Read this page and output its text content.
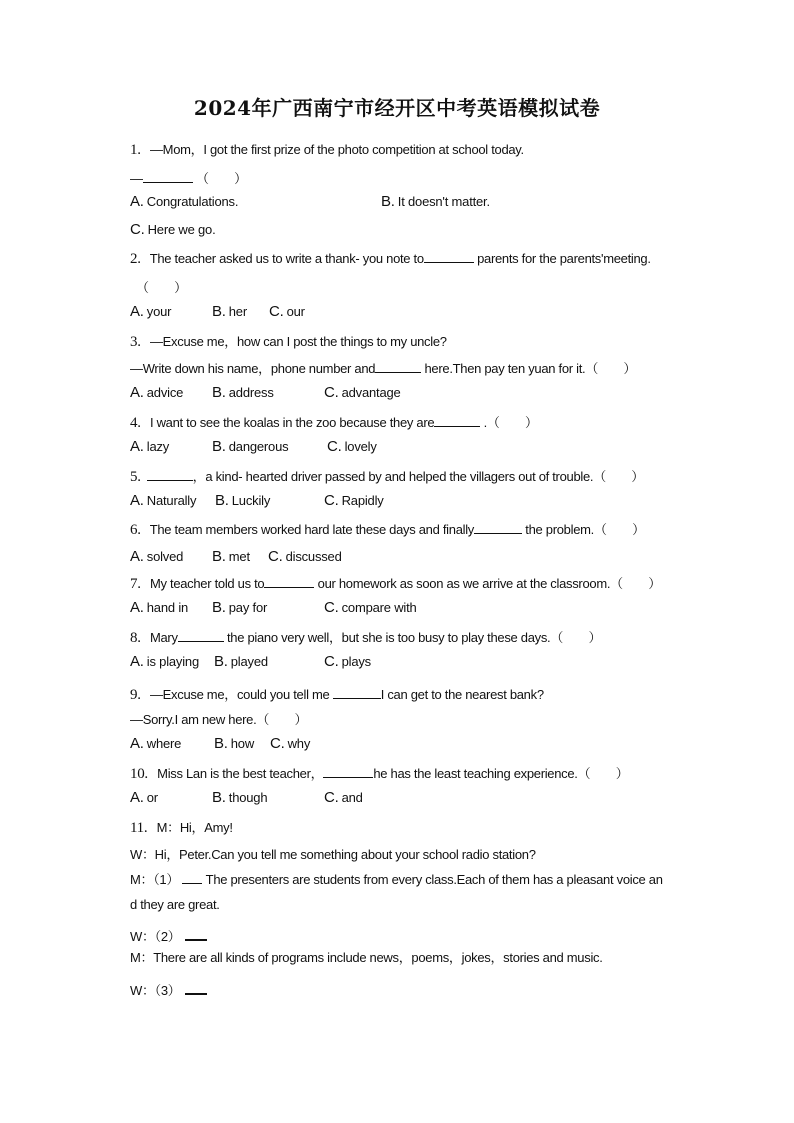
2024年广西南宁市经开区中考英语模拟试卷
1. —Mom，I got the first prize of the photo competition at school today.
—	（　　）
A. Congratulations.	B. It doesn't matter.
C. Here we go.
2. The teacher asked us to write a thank- you note to	parents for the parents'meeting.
（　　）
A. your	B. her C. our
3. —Excuse me，how can I post the things to my uncle?
—Write down his name，phone number and	here.Then pay ten yuan for it.（　　）
A. advice B. address	C. advantage
4. I want to see the koalas in the zoo because they are	.（　　）
A. lazy	B. dangerous	C. lovely
5.	，a kind- hearted driver passed by and helped the villagers out of trouble.（　　）
A. Naturally B. Luckily	C. Rapidly
6. The team members worked hard late these days and finally	the problem.（　　）
A. solved B. met C. discussed
7. My teacher told us to	our homework as soon as we arrive at the classroom.（　　）
A. hand in B. pay for	C. compare with
8. Mary	the piano very well，but she is too busy to play these days.（　　）
A. is playing B. played	C. plays
9. —Excuse me，could you tell me	I can get to the nearest bank?
—Sorry.I am new here.（　　）
A. where B. how C. why
10. Miss Lan is the best teacher，	he has the least teaching experience.（　　）
A. or	B. though	C. and
11. M：Hi，Amy!
W：Hi，Peter.Can you tell me something about your school radio station?
M：（1）  The presenters are students from every class.Each of them has a pleasant voice an
d they are great.
W：（2）
M：There are all kinds of programs include news，poems，jokes，stories and music.
W：（3）
